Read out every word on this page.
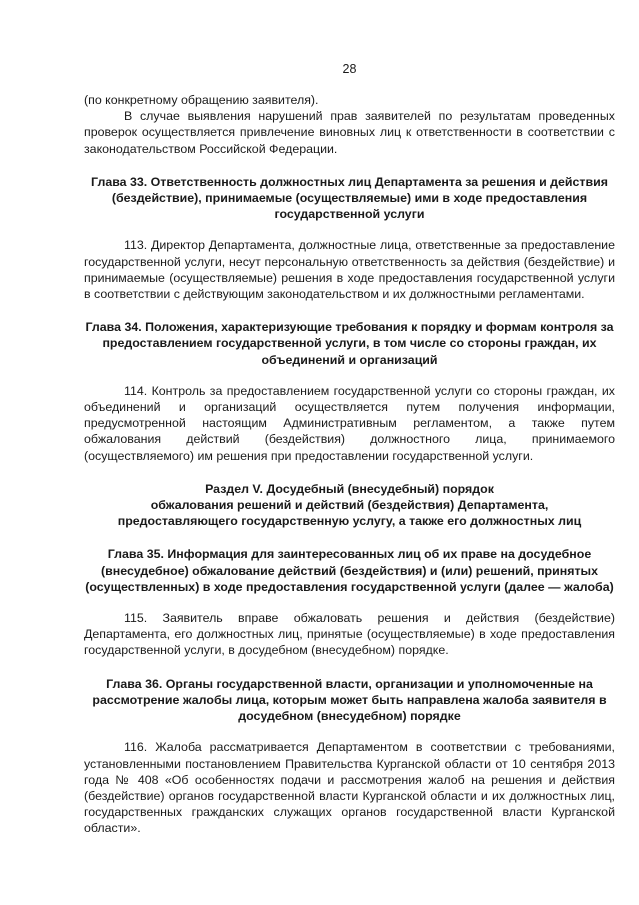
28

(по конкретному обращению заявителя).

В случае выявления нарушений прав заявителей по результатам проведенных проверок осуществляется привлечение виновных лиц к ответственности в соответствии с законодательством Российской Федерации.

Глава 33. Ответственность должностных лиц Департамента за решения и действия (бездействие), принимаемые (осуществляемые) ими в ходе предоставления государственной услуги

113. Директор Департамента, должностные лица, ответственные за предоставление государственной услуги, несут персональную ответственность за действия (бездействие) и принимаемые (осуществляемые) решения в ходе предоставления государственной услуги в соответствии с действующим законодательством и их должностными регламентами.

Глава 34. Положения, характеризующие требования к порядку и формам контроля за предоставлением государственной услуги, в том числе со стороны граждан, их объединений и организаций

114. Контроль за предоставлением государственной услуги со стороны граждан, их объединений и организаций осуществляется путем получения информации, предусмотренной настоящим Административным регламентом, а также путем обжалования действий (бездействия) должностного лица, принимаемого (осуществляемого) им решения при предоставлении государственной услуги.

Раздел V. Досудебный (внесудебный) порядок
обжалования решений и действий (бездействия) Департамента,
предоставляющего государственную услугу, а также его должностных лиц
Глава 35. Информация для заинтересованных лиц об их праве на досудебное (внесудебное) обжалование действий (бездействия) и (или) решений, принятых (осуществленных) в ходе предоставления государственной услуги (далее — жалоба)

115. Заявитель вправе обжаловать решения и действия (бездействие) Департамента, его должностных лиц, принятые (осуществляемые) в ходе предоставления государственной услуги, в досудебном (внесудебном) порядке.

Глава 36. Органы государственной власти, организации и уполномоченные на рассмотрение жалобы лица, которым может быть направлена жалоба заявителя в досудебном (внесудебном) порядке

116. Жалоба рассматривается Департаментом в соответствии с требованиями, установленными постановлением Правительства Курганской области от 10 сентября 2013 года № 408 «Об особенностях подачи и рассмотрения жалоб на решения и действия (бездействие) органов государственной власти Курганской области и их должностных лиц, государственных гражданских служащих органов государственной власти Курганской области».
